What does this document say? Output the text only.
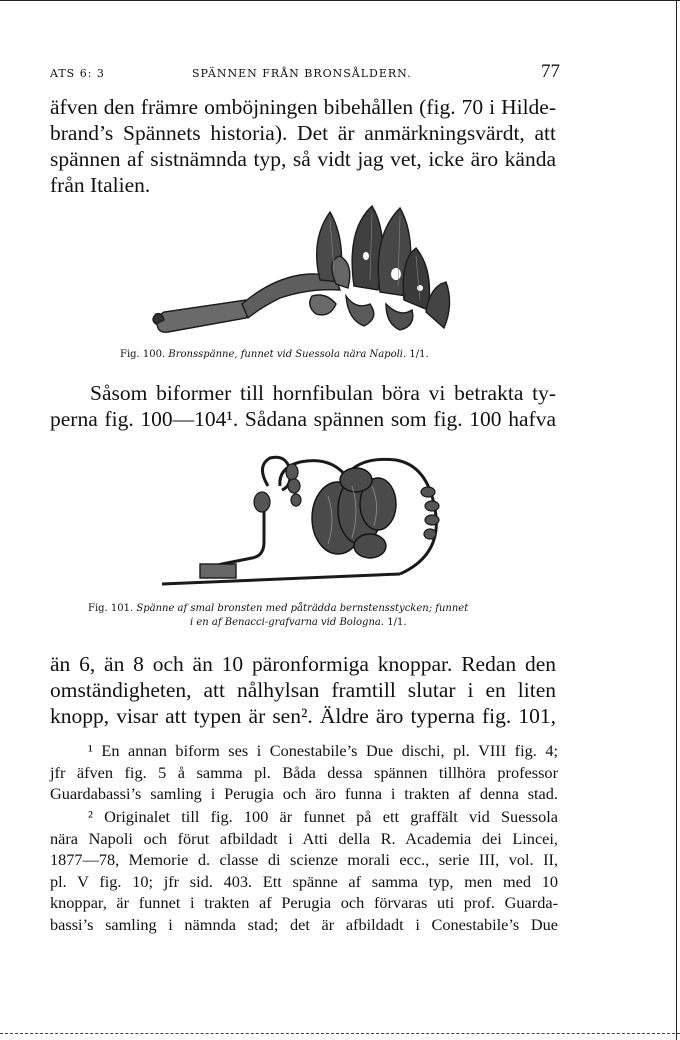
ATS 6: 3	SPÄNNEN FRÅN BRONSÅLDERN.	77
äfven den främre omböjningen bibehållen (fig. 70 i Hilde-
brand’s Spännets historia). Det är anmärkningsvärdt, att
spännen af sistnämnda typ, så vidt jag vet, icke äro kända
från Italien.
Fig. 100. Bronsspänne, funnet vid Suessola nära Napoli. 1/1.
Såsom biformer till hornfibulan böra vi betrakta ty-
perna fig. 100—104¹. Sådana spännen som fig. 100 hafva
Fig. 101. Spänne af smal bronsten med påträdda bernstensstycken; funnet
i en af Benacci-grafvarna vid Bologna. 1/1.
än 6, än 8 och än 10 päronformiga knoppar. Redan den
omständigheten, att nålhylsan framtill slutar i en liten
knopp, visar att typen är sen². Äldre äro typerna fig. 101,
¹ En annan biform ses i Conestabile’s Due dischi, pl. VIII fig. 4;
jfr äfven fig. 5 å samma pl. Båda dessa spännen tillhöra professor
Guardabassi’s samling i Perugia och äro funna i trakten af denna stad.
² Originalet till fig. 100 är funnet på ett graffält vid Suessola
nära Napoli och förut afbildadt i Atti della R. Academia dei Lincei,
1877—78, Memorie d. classe di scienze morali ecc., serie III, vol. II,
pl. V fig. 10; jfr sid. 403. Ett spänne af samma typ, men med 10
knoppar, är funnet i trakten af Perugia och förvaras uti prof. Guarda-
bassi’s samling i nämnda stad; det är afbildadt i Conestabile’s Due
